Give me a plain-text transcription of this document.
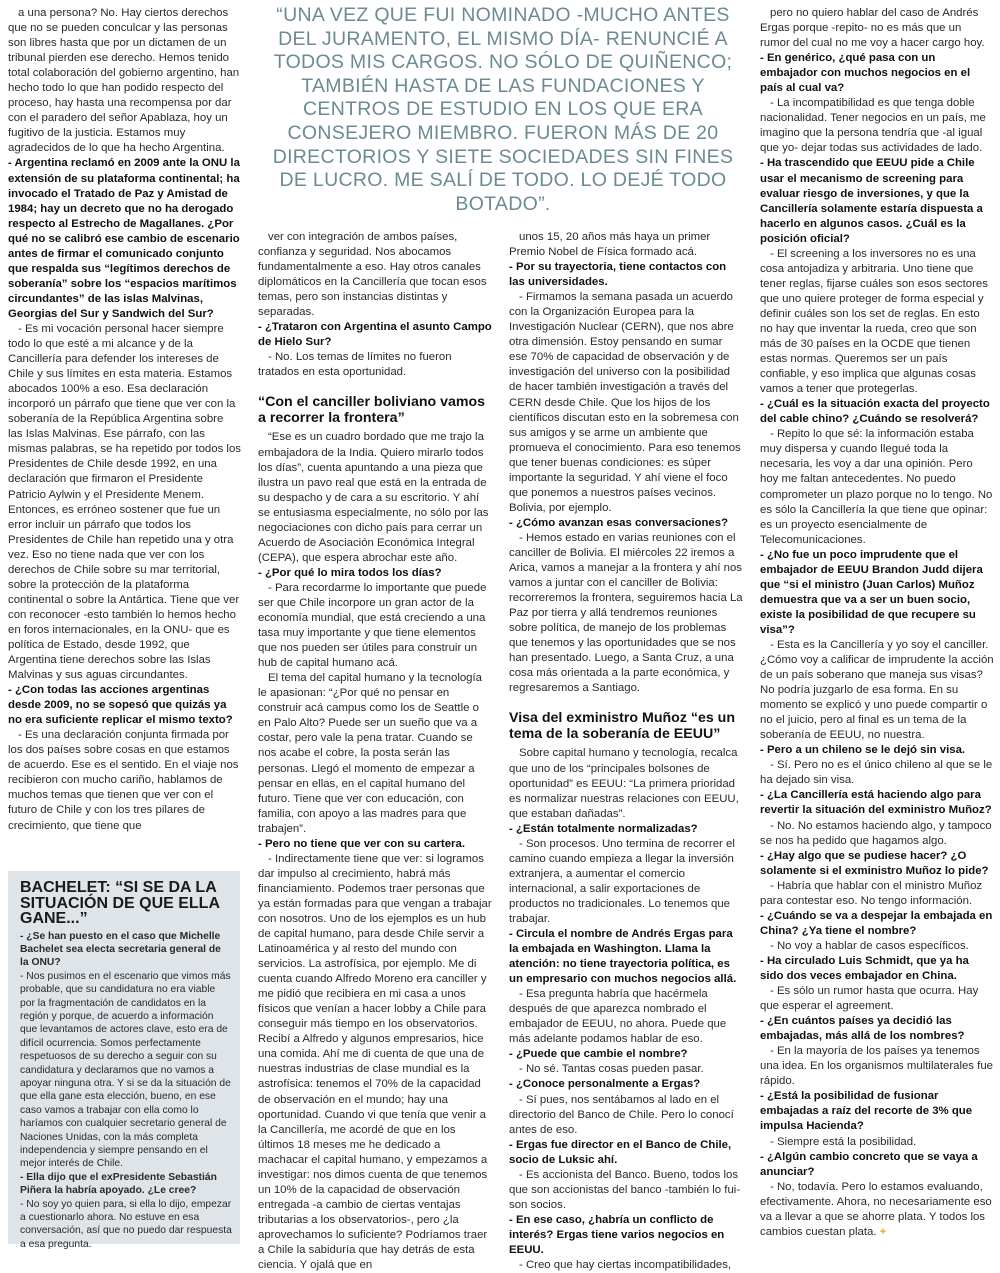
“UNA VEZ QUE FUI NOMINADO -MUCHO ANTES DEL JURAMENTO, EL MISMO DÍA- RENUNCIÉ A TODOS MIS CARGOS. NO SÓLO DE QUIÑENCO; TAMBIÉN HASTA DE LAS FUNDACIONES Y CENTROS DE ESTUDIO EN LOS QUE ERA CONSEJERO MIEMBRO. FUERON MÁS DE 20 DIRECTORIOS Y SIETE SOCIEDADES SIN FINES DE LUCRO. ME SALÍ DE TODO. LO DEJÉ TODO BOTADO”.

a una persona? No. Hay ciertos derechos que no se pueden conculcar y las personas son libres hasta que por un dictamen de un tribunal pierden ese derecho. Hemos tenido total colaboración del gobierno argentino, han hecho todo lo que han podido respecto del proceso, hay hasta una recompensa por dar con el paradero del señor Apablaza, hoy un fugitivo de la justicia. Estamos muy agradecidos de lo que ha hecho Argentina.

- Argentina reclamó en 2009 ante la ONU la extensión de su plataforma continental; ha invocado el Tratado de Paz y Amistad de 1984; hay un decreto que no ha derogado respecto al Estrecho de Magallanes. ¿Por qué no se calibró ese cambio de escenario antes de firmar el comunicado conjunto que respalda sus “legítimos derechos de soberanía” sobre los “espacios marítimos circundantes” de las islas Malvinas, Georgias del Sur y Sandwich del Sur?

- Es mi vocación personal hacer siempre todo lo que esté a mi alcance y de la Cancillería para defender los intereses de Chile y sus límites en esta materia. Estamos abocados 100% a eso. Esa declaración incorporó un párrafo que tiene que ver con la soberanía de la República Argentina sobre las Islas Malvinas. Ese párrafo, con las mismas palabras, se ha repetido por todos los Presidentes de Chile desde 1992, en una declaración que firmaron el Presidente Patricio Aylwin y el Presidente Menem. Entonces, es erróneo sostener que fue un error incluir un párrafo que todos los Presidentes de Chile han repetido una y otra vez. Eso no tiene nada que ver con los derechos de Chile sobre su mar territorial, sobre la protección de la plataforma continental o sobre la Antártica. Tiene que ver con reconocer -esto también lo hemos hecho en foros internacionales, en la ONU- que es política de Estado, desde 1992, que Argentina tiene derechos sobre las Islas Malvinas y sus aguas circundantes.

- ¿Con todas las acciones argentinas desde 2009, no se sopesó que quizás ya no era suficiente replicar el mismo texto?

- Es una declaración conjunta firmada por los dos países sobre cosas en que estamos de acuerdo. Ese es el sentido. En el viaje nos recibieron con mucho cariño, hablamos de muchos temas que tienen que ver con el futuro de Chile y con los tres pilares de crecimiento, que tiene que

BACHELET: “SI SE DA LA SITUACIÓN DE QUE ELLA GANE...”

- ¿Se han puesto en el caso que Michelle Bachelet sea electa secretaria general de la ONU?

- Nos pusimos en el escenario que vimos más probable, que su candidatura no era viable por la fragmentación de candidatos en la región y porque, de acuerdo a información que levantamos de actores clave, esto era de difícil ocurrencia. Somos perfectamente respetuosos de su derecho a seguir con su candidatura y declaramos que no vamos a apoyar ninguna otra. Y si se da la situación de que ella gane esta elección, bueno, en ese caso vamos a trabajar con ella como lo haríamos con cualquier secretario general de Naciones Unidas, con la más completa independencia y siempre pensando en el mejor interés de Chile.

- Ella dijo que el exPresidente Sebastián Piñera la habría apoyado. ¿Le cree?

- No soy yo quien para, si ella lo dijo, empezar a cuestionarlo ahora. No estuve en esa conversación, así que no puedo dar respuesta a esa pregunta.

ver con integración de ambos países, confianza y seguridad. Nos abocamos fundamentalmente a eso. Hay otros canales diplomáticos en la Cancillería que tocan esos temas, pero son instancias distintas y separadas.

- ¿Trataron con Argentina el asunto Campo de Hielo Sur?

- No. Los temas de límites no fueron tratados en esta oportunidad.

“Con el canciller boliviano vamos a recorrer la frontera”

“Ese es un cuadro bordado que me trajo la embajadora de la India. Quiero mirarlo todos los días”, cuenta apuntando a una pieza que ilustra un pavo real que está en la entrada de su despacho y de cara a su escritorio. Y ahí se entusiasma especialmente, no sólo por las negociaciones con dicho país para cerrar un Acuerdo de Asociación Económica Integral (CEPA), que espera abrochar este año.

- ¿Por qué lo mira todos los días?

- Para recordarme lo importante que puede ser que Chile incorpore un gran actor de la economía mundial, que está creciendo a una tasa muy importante y que tiene elementos que nos pueden ser útiles para construir un hub de capital humano acá.

El tema del capital humano y la tecnología le apasionan: “¿Por qué no pensar en construir acá campus como los de Seattle o en Palo Alto? Puede ser un sueño que va a costar, pero vale la pena tratar. Cuando se nos acabe el cobre, la posta serán las personas. Llegó el momento de empezar a pensar en ellas, en el capital humano del futuro. Tiene que ver con educación, con familia, con apoyo a las madres para que trabajen”.

- Pero no tiene que ver con su cartera.

- Indirectamente tiene que ver: si logramos dar impulso al crecimiento, habrá más financiamiento. Podemos traer personas que ya están formadas para que vengan a trabajar con nosotros. Uno de los ejemplos es un hub de capital humano, para desde Chile servir a Latinoamérica y al resto del mundo con servicios. La astrofísica, por ejemplo. Me di cuenta cuando Alfredo Moreno era canciller y me pidió que recibiera en mi casa a unos físicos que venían a hacer lobby a Chile para conseguir más tiempo en los observatorios. Recibí a Alfredo y algunos empresarios, hice una comida. Ahí me di cuenta de que una de nuestras industrias de clase mundial es la astrofísica: tenemos el 70% de la capacidad de observación en el mundo; hay una oportunidad. Cuando vi que tenía que venir a la Cancillería, me acordé de que en los últimos 18 meses me he dedicado a machacar el capital humano, y empezamos a investigar: nos dimos cuenta de que tenemos un 10% de la capacidad de observación entregada -a cambio de ciertas ventajas tributarias a los observatorios-, pero ¿la aprovechamos lo suficiente? Podríamos traer a Chile la sabiduría que hay detrás de esta ciencia. Y ojalá que en

unos 15, 20 años más haya un primer Premio Nobel de Física formado acá.

- Por su trayectoria, tiene contactos con las universidades.

- Firmamos la semana pasada un acuerdo con la Organización Europea para la Investigación Nuclear (CERN), que nos abre otra dimensión. Estoy pensando en sumar ese 70% de capacidad de observación y de investigación del universo con la posibilidad de hacer también investigación a través del CERN desde Chile. Que los hijos de los científicos discutan esto en la sobremesa con sus amigos y se arme un ambiente que promueva el conocimiento. Para eso tenemos que tener buenas condiciones: es súper importante la seguridad. Y ahí viene el foco que ponemos a nuestros países vecinos. Bolivia, por ejemplo.

- ¿Cómo avanzan esas conversaciones?

- Hemos estado en varias reuniones con el canciller de Bolivia. El miércoles 22 iremos a Arica, vamos a manejar a la frontera y ahí nos vamos a juntar con el canciller de Bolivia: recorreremos la frontera, seguiremos hacia La Paz por tierra y allá tendremos reuniones sobre política, de manejo de los problemas que tenemos y las oportunidades que se nos han presentado. Luego, a Santa Cruz, a una cosa más orientada a la parte económica, y regresaremos a Santiago.

Visa del exministro Muñoz “es un tema de la soberanía de EEUU”

Sobre capital humano y tecnología, recalca que uno de los “principales bolsones de oportunidad” es EEUU: “La primera prioridad es normalizar nuestras relaciones con EEUU, que estaban dañadas”.

- ¿Están totalmente normalizadas?

- Son procesos. Uno termina de recorrer el camino cuando empieza a llegar la inversión extranjera, a aumentar el comercio internacional, a salir exportaciones de productos no tradicionales. Lo tenemos que trabajar.

- Circula el nombre de Andrés Ergas para la embajada en Washington. Llama la atención: no tiene trayectoria política, es un empresario con muchos negocios allá.

- Esa pregunta habría que hacérmela después de que aparezca nombrado el embajador de EEUU, no ahora. Puede que más adelante podamos hablar de eso.

- ¿Puede que cambie el nombre?

- No sé. Tantas cosas pueden pasar.

- ¿Conoce personalmente a Ergas?

- Sí pues, nos sentábamos al lado en el directorio del Banco de Chile. Pero lo conocí antes de eso.

- Ergas fue director en el Banco de Chile, socio de Luksic ahí.

- Es accionista del Banco. Bueno, todos los que son accionistas del banco -también lo fui- son socios.

- En ese caso, ¿habría un conflicto de interés? Ergas tiene varios negocios en EEUU.

- Creo que hay ciertas incompatibilidades,

pero no quiero hablar del caso de Andrés Ergas porque -repito- no es más que un rumor del cual no me voy a hacer cargo hoy.

- En genérico, ¿qué pasa con un embajador con muchos negocios en el país al cual va?

- La incompatibilidad es que tenga doble nacionalidad. Tener negocios en un país, me imagino que la persona tendría que -al igual que yo- dejar todas sus actividades de lado.

- Ha trascendido que EEUU pide a Chile usar el mecanismo de screening para evaluar riesgo de inversiones, y que la Cancillería solamente estaría dispuesta a hacerlo en algunos casos. ¿Cuál es la posición oficial?

- El screening a los inversores no es una cosa antojadiza y arbitraria. Uno tiene que tener reglas, fijarse cuáles son esos sectores que uno quiere proteger de forma especial y definir cuáles son los set de reglas. En esto no hay que inventar la rueda, creo que son más de 30 países en la OCDE que tienen estas normas. Queremos ser un país confiable, y eso implica que algunas cosas vamos a tener que protegerlas.

- ¿Cuál es la situación exacta del proyecto del cable chino? ¿Cuándo se resolverá?

- Repito lo que sé: la información estaba muy dispersa y cuando llegué toda la necesaria, les voy a dar una opinión. Pero hoy me faltan antecedentes. No puedo comprometer un plazo porque no lo tengo. No es sólo la Cancillería la que tiene que opinar: es un proyecto esencialmente de Telecomunicaciones.

- ¿No fue un poco imprudente que el embajador de EEUU Brandon Judd dijera que “si el ministro (Juan Carlos) Muñoz demuestra que va a ser un buen socio, existe la posibilidad de que recupere su visa”?

- Esta es la Cancillería y yo soy el canciller. ¿Cómo voy a calificar de imprudente la acción de un país soberano que maneja sus visas? No podría juzgarlo de esa forma. En su momento se explicó y uno puede compartir o no el juicio, pero al final es un tema de la soberanía de EEUU, no nuestra.

- Pero a un chileno se le dejó sin visa.

- Sí. Pero no es el único chileno al que se le ha dejado sin visa.

- ¿La Cancillería está haciendo algo para revertir la situación del exministro Muñoz?

- No. No estamos haciendo algo, y tampoco se nos ha pedido que hagamos algo.

- ¿Hay algo que se pudiese hacer? ¿O solamente si el exministro Muñoz lo pide?

- Habría que hablar con el ministro Muñoz para contestar eso. No tengo información.

- ¿Cuándo se va a despejar la embajada en China? ¿Ya tiene el nombre?

- No voy a hablar de casos específicos.

- Ha circulado Luis Schmidt, que ya ha sido dos veces embajador en China.

- Es sólo un rumor hasta que ocurra. Hay que esperar el agreement.

- ¿En cuántos países ya decidió las embajadas, más allá de los nombres?

- En la mayoría de los países ya tenemos una idea. En los organismos multilaterales fue rápido.

- ¿Está la posibilidad de fusionar embajadas a raíz del recorte de 3% que impulsa Hacienda?

- Siempre está la posibilidad.

- ¿Algún cambio concreto que se vaya a anunciar?

- No, todavía. Pero lo estamos evaluando, efectivamente. Ahora, no necesariamente eso va a llevar a que se ahorre plata. Y todos los cambios cuestan plata. +
